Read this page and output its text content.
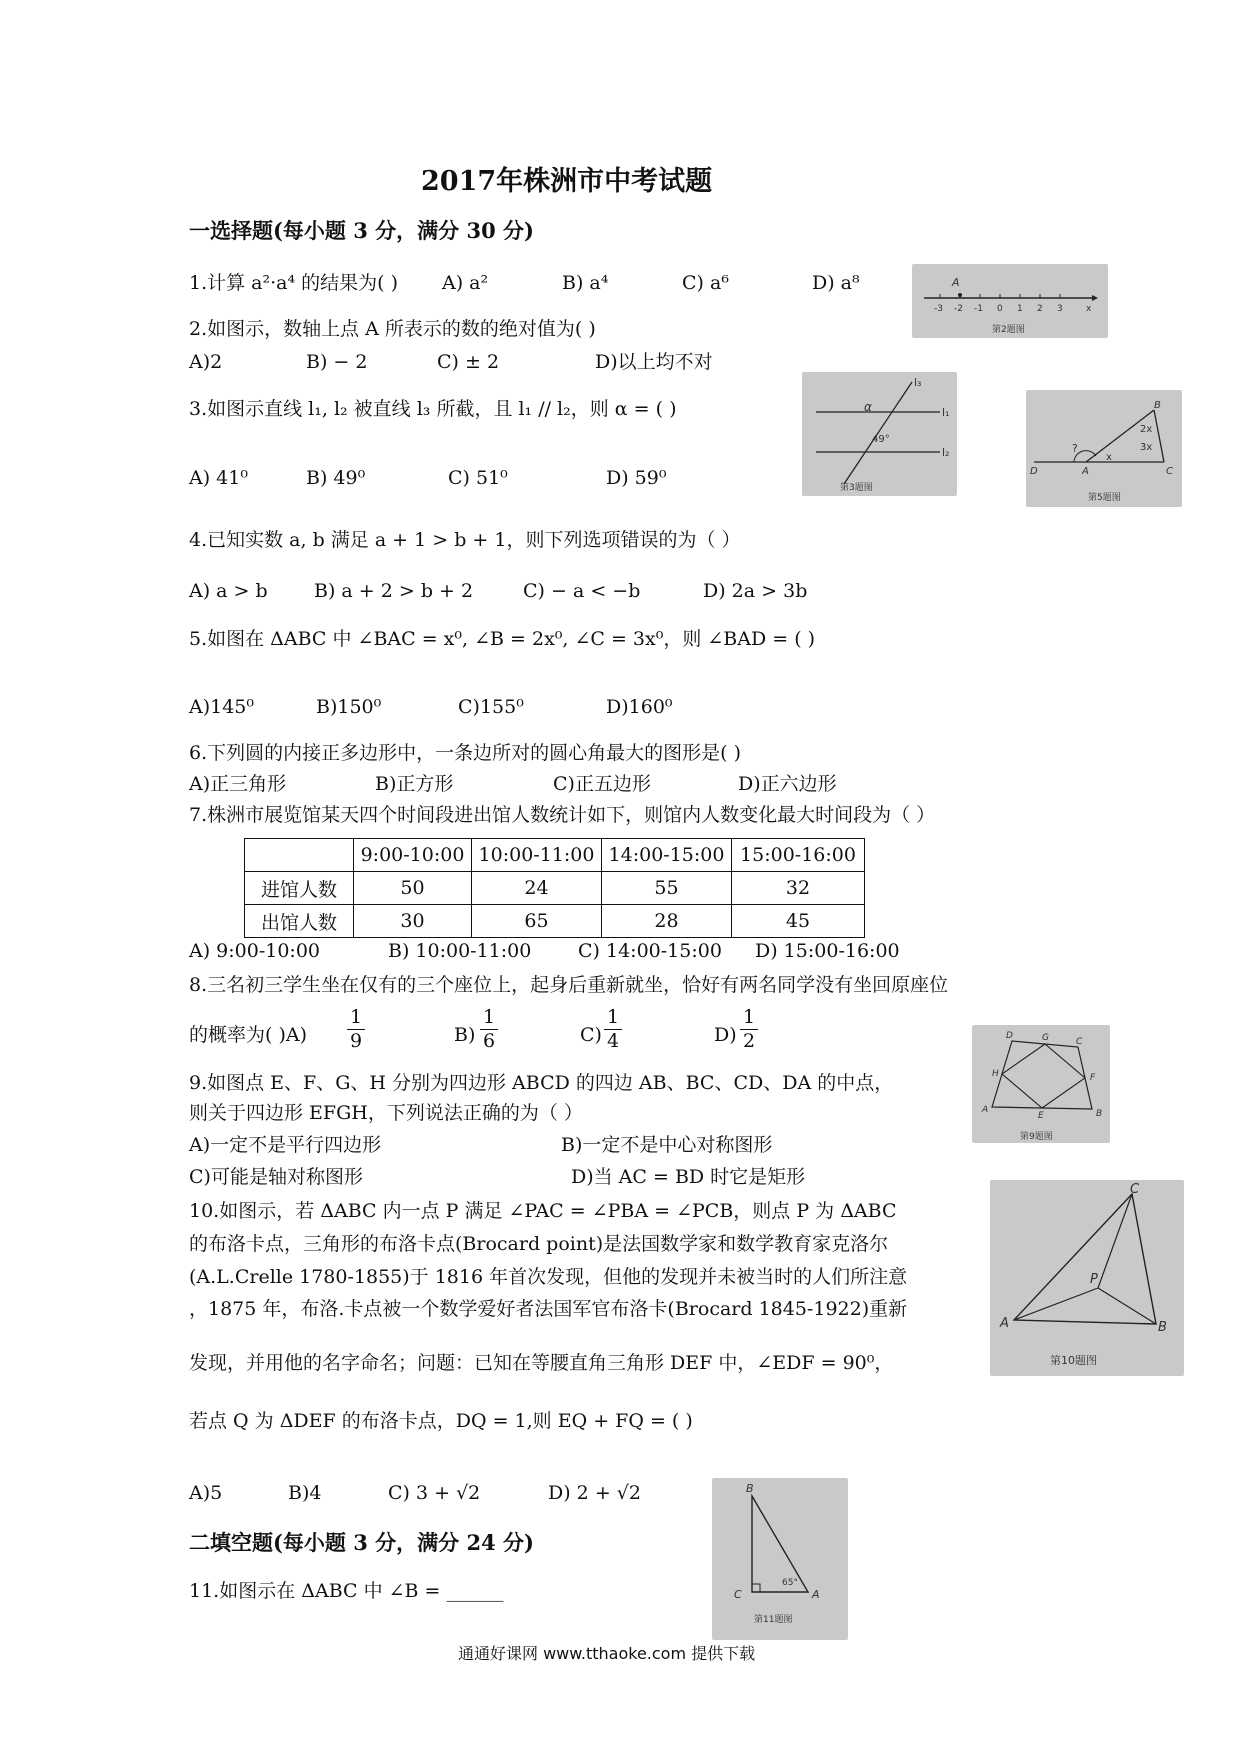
2017年株洲市中考试题
一选择题(每小题 3 分，满分 30 分)
1.计算 a²·a⁴ 的结果为( )	B) a⁴	C) a⁶	D) a⁸
A) a²	A
-3 -2 -1 0 1 2 3	x
第2题图
2.如图示，数轴上点 A 所表示的数的绝对值为( )
A)2	B) − 2	C) ± 2	D)以上均不对
l₃
l₁
l₂
α
49°
第3题图
B
C
D	A
?
x
2x
3x
第5题图
3.如图示直线 l₁, l₂ 被直线 l₃ 所截，且 l₁ // l₂，则 α = ( )
A) 41⁰	B) 49⁰	C) 51⁰	D) 59⁰
4.已知实数 a, b 满足 a + 1 > b + 1，则下列选项错误的为（ ）
A) a > b B) a + 2 > b + 2	C) − a < −b	D) 2a > 3b
5.如图在 ΔABC 中 ∠BAC = x⁰, ∠B = 2x⁰, ∠C = 3x⁰，则 ∠BAD = ( )
A)145⁰	B)150⁰	C)155⁰	D)160⁰
6.下列圆的内接正多边形中，一条边所对的圆心角最大的图形是( )
A)正三角形	B)正方形	C)正五边形	D)正六边形
7.株洲市展览馆某天四个时间段进出馆人数统计如下，则馆内人数变化最大时间段为（ ）
	9:00-10:00	10:00-11:00	14:00-15:00	15:00-16:00
进馆人数	50	24	55	32
出馆人数	30	65	28	45
A) 9:00-10:00	B) 10:00-11:00 C) 14:00-15:00 D) 15:00-16:00
8.三名初三学生坐在仅有的三个座位上，起身后重新就坐，恰好有两名同学没有坐回原座位
的概率为( )$A) \frac{1}{9}$	$B) \frac{1}{6}$	$C) \frac{1}{4}$	$D) \frac{1}{2}$	D	G	C
H	F
A
E	B
第9题图
9.如图点 E、F、G、H 分别为四边形 ABCD 的四边 AB、BC、CD、DA 的中点，
则关于四边形 EFGH，下列说法正确的为（ ）
A)一定不是平行四边形	B)一定不是中心对称图形
C)可能是轴对称图形	D)当 AC = BD 时它是矩形
C
P
A	B
第10题图
10.如图示，若 ΔABC 内一点 P 满足 ∠PAC = ∠PBA = ∠PCB，则点 P 为 ΔABC
的布洛卡点，三角形的布洛卡点(Brocard point)是法国数学家和数学教育家克洛尔
(A.L.Crelle 1780-1855)于 1816 年首次发现，但他的发现并未被当时的人们所注意
，1875 年，布洛.卡点被一个数学爱好者法国军官布洛卡(Brocard 1845-1922)重新
发现，并用他的名字命名；问题：已知在等腰直角三角形 DEF 中，∠EDF = 90⁰，
若点 Q 为 ΔDEF 的布洛卡点，DQ = 1,则 EQ + FQ = ( )
A)5	B)4	C) 3 + √2	D) 2 + √2	B
C	A
65°
第11题图
二填空题(每小题 3 分，满分 24 分)
11.如图示在 ΔABC 中 ∠B = ______
通通好课网 www.tthaoke.com 提供下载
